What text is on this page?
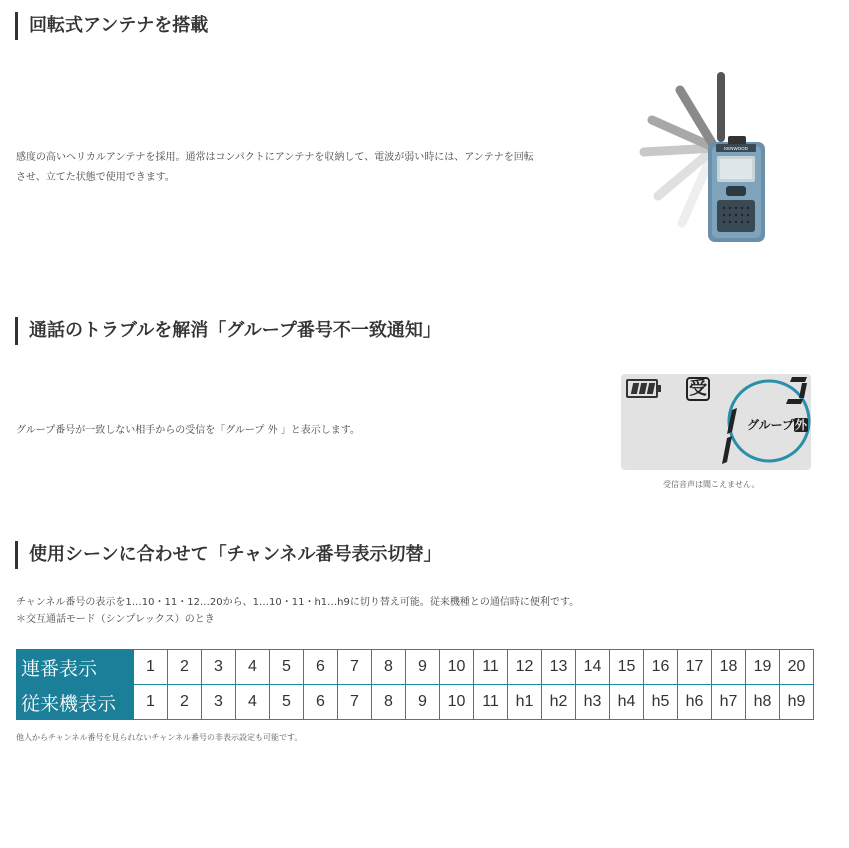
回転式アンテナを搭載
感度の高いヘリカルアンテナを採用。通常はコンパクトにアンテナを収納して、電波が弱い時には、アンテナを回転
させ、立てた状態で使用できます。
KENWOOD
通話のトラブルを解消「グループ番号不一致通知」
グループ番号が一致しない相手からの受信を「グループ 外 」と表示します。
受
グループ外
受信音声は聞こえません。
使用シーンに合わせて「チャンネル番号表示切替」
チャンネル番号の表示を1…10・11・12…20から、1…10・11・h1…h9に切り替え可能。従来機種との通信時に便利です。
＊交互通話モード（シンプレックス）のとき
連番表示	1	2	3	4	5	6	7	8	9	10	11	12	13	14	15	16	17	18	19	20
従来機表示	1	2	3	4	5	6	7	8	9	10	11	h1	h2	h3	h4	h5	h6	h7	h8	h9
他人からチャンネル番号を見られないチャンネル番号の非表示設定も可能です。
